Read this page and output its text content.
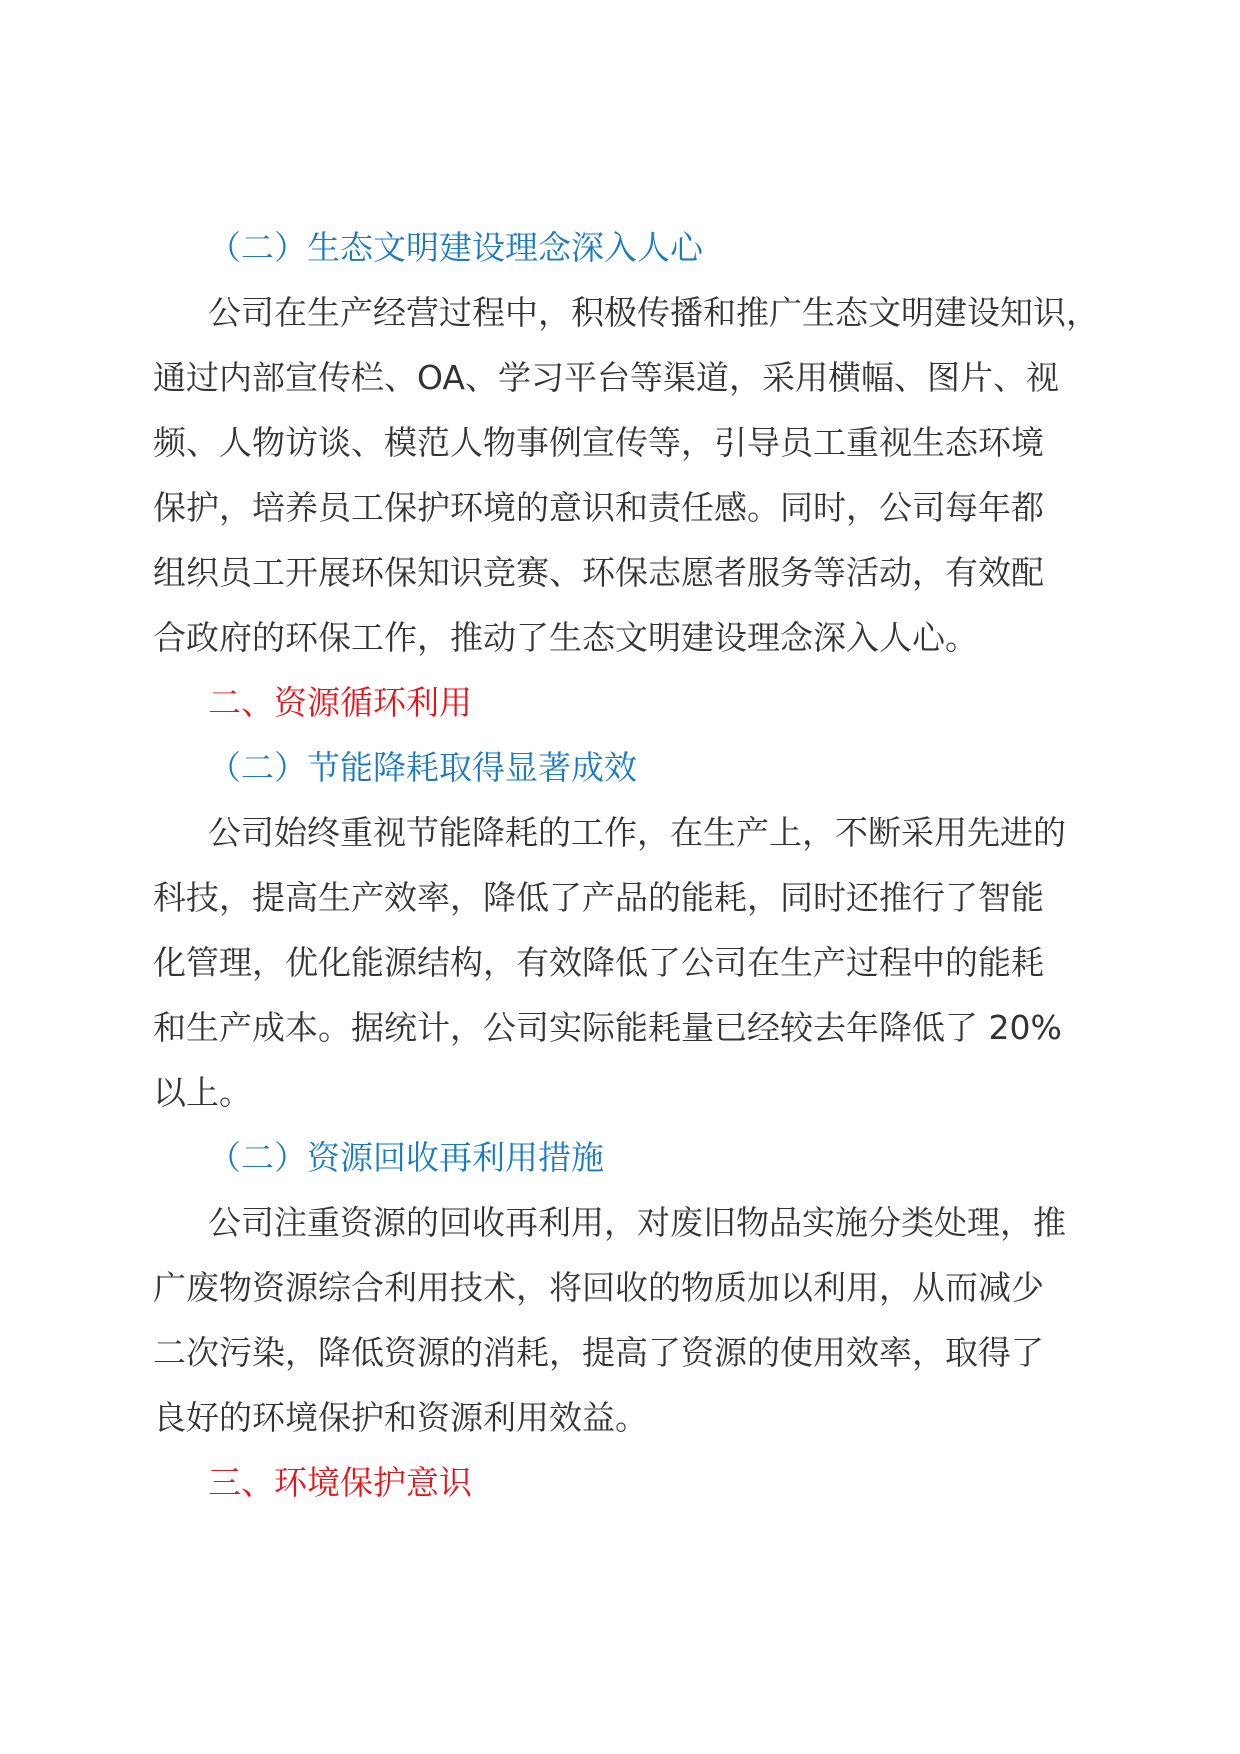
（二）生态文明建设理念深入人心
公司在生产经营过程中，积极传播和推广生态文明建设知识，
通过内部宣传栏、OA、学习平台等渠道，采用横幅、图片、视
频、人物访谈、模范人物事例宣传等，引导员工重视生态环境
保护，培养员工保护环境的意识和责任感。同时，公司每年都
组织员工开展环保知识竞赛、环保志愿者服务等活动，有效配
合政府的环保工作，推动了生态文明建设理念深入人心。
二、资源循环利用
（二）节能降耗取得显著成效
公司始终重视节能降耗的工作，在生产上，不断采用先进的
科技，提高生产效率，降低了产品的能耗，同时还推行了智能
化管理，优化能源结构，有效降低了公司在生产过程中的能耗
和生产成本。据统计，公司实际能耗量已经较去年降低了 20%
以上。
（二）资源回收再利用措施
公司注重资源的回收再利用，对废旧物品实施分类处理，推
广废物资源综合利用技术，将回收的物质加以利用，从而减少
二次污染，降低资源的消耗，提高了资源的使用效率，取得了
良好的环境保护和资源利用效益。
三、环境保护意识
